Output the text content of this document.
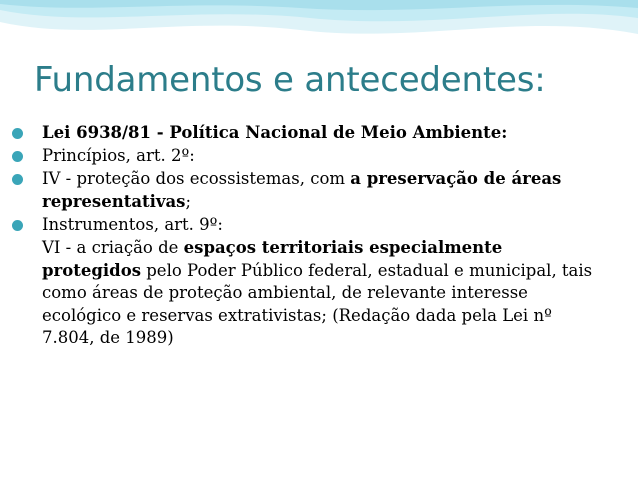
Fundamentos e antecedentes:
Lei 6938/81 - Política Nacional de Meio Ambiente:
Princípios, art. 2º:
IV - proteção dos ecossistemas, com a preservação de áreas representativas;
Instrumentos, art. 9º:
VI - a criação de espaços territoriais especialmente protegidos pelo Poder Público federal, estadual e municipal, tais como áreas de proteção ambiental, de relevante interesse ecológico e reservas extrativistas; (Redação dada pela Lei nº 7.804, de 1989)
